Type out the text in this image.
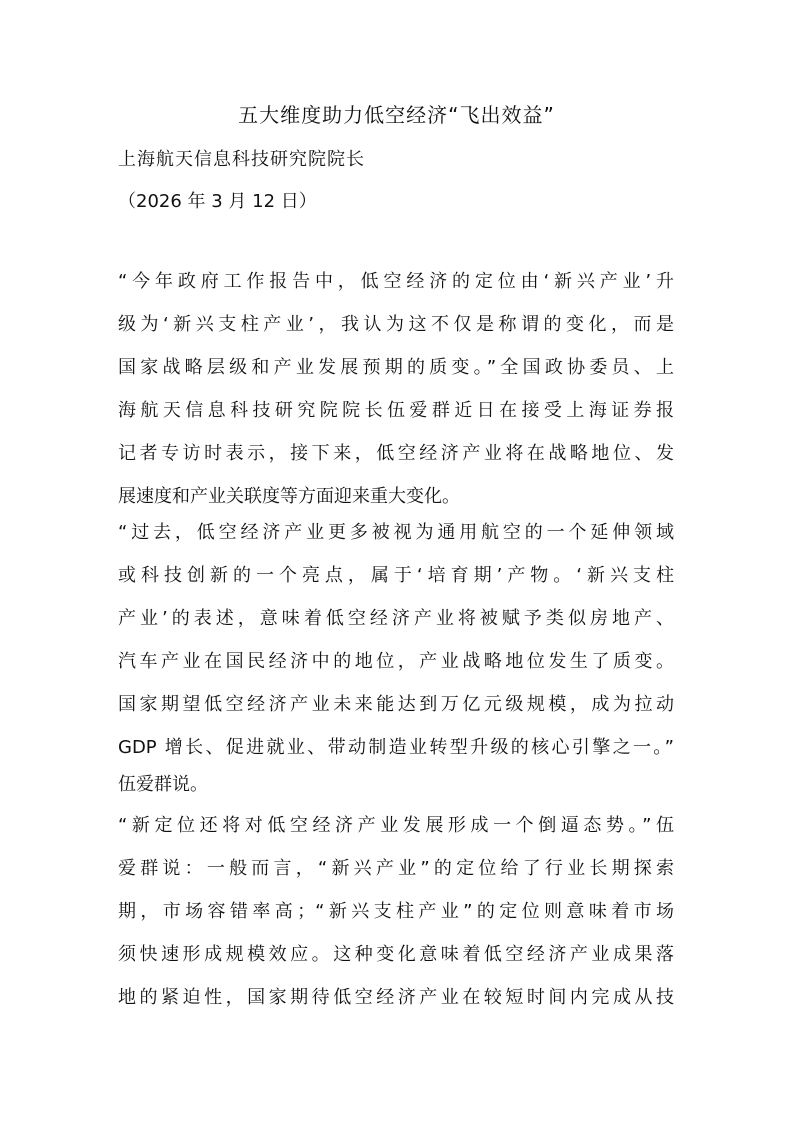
五大维度助力低空经济“飞出效益”
上海航天信息科技研究院院长
（2026 年 3 月 12 日）
“今年政府工作报告中，低空经济的定位由‘新兴产业’升
级为‘新兴支柱产业’，我认为这不仅是称谓的变化，而是
国家战略层级和产业发展预期的质变。”全国政协委员、上
海航天信息科技研究院院长伍爱群近日在接受上海证券报
记者专访时表示，接下来，低空经济产业将在战略地位、发
展速度和产业关联度等方面迎来重大变化。
“过去，低空经济产业更多被视为通用航空的一个延伸领域
或科技创新的一个亮点，属于‘培育期’产物。‘新兴支柱
产业’的表述，意味着低空经济产业将被赋予类似房地产、
汽车产业在国民经济中的地位，产业战略地位发生了质变。
国家期望低空经济产业未来能达到万亿元级规模，成为拉动
GDP 增长、促进就业、带动制造业转型升级的核心引擎之一。”
伍爱群说。
“新定位还将对低空经济产业发展形成一个倒逼态势。”伍
爱群说：一般而言，“新兴产业”的定位给了行业长期探索
期，市场容错率高；“新兴支柱产业”的定位则意味着市场
须快速形成规模效应。这种变化意味着低空经济产业成果落
地的紧迫性，国家期待低空经济产业在较短时间内完成从技
